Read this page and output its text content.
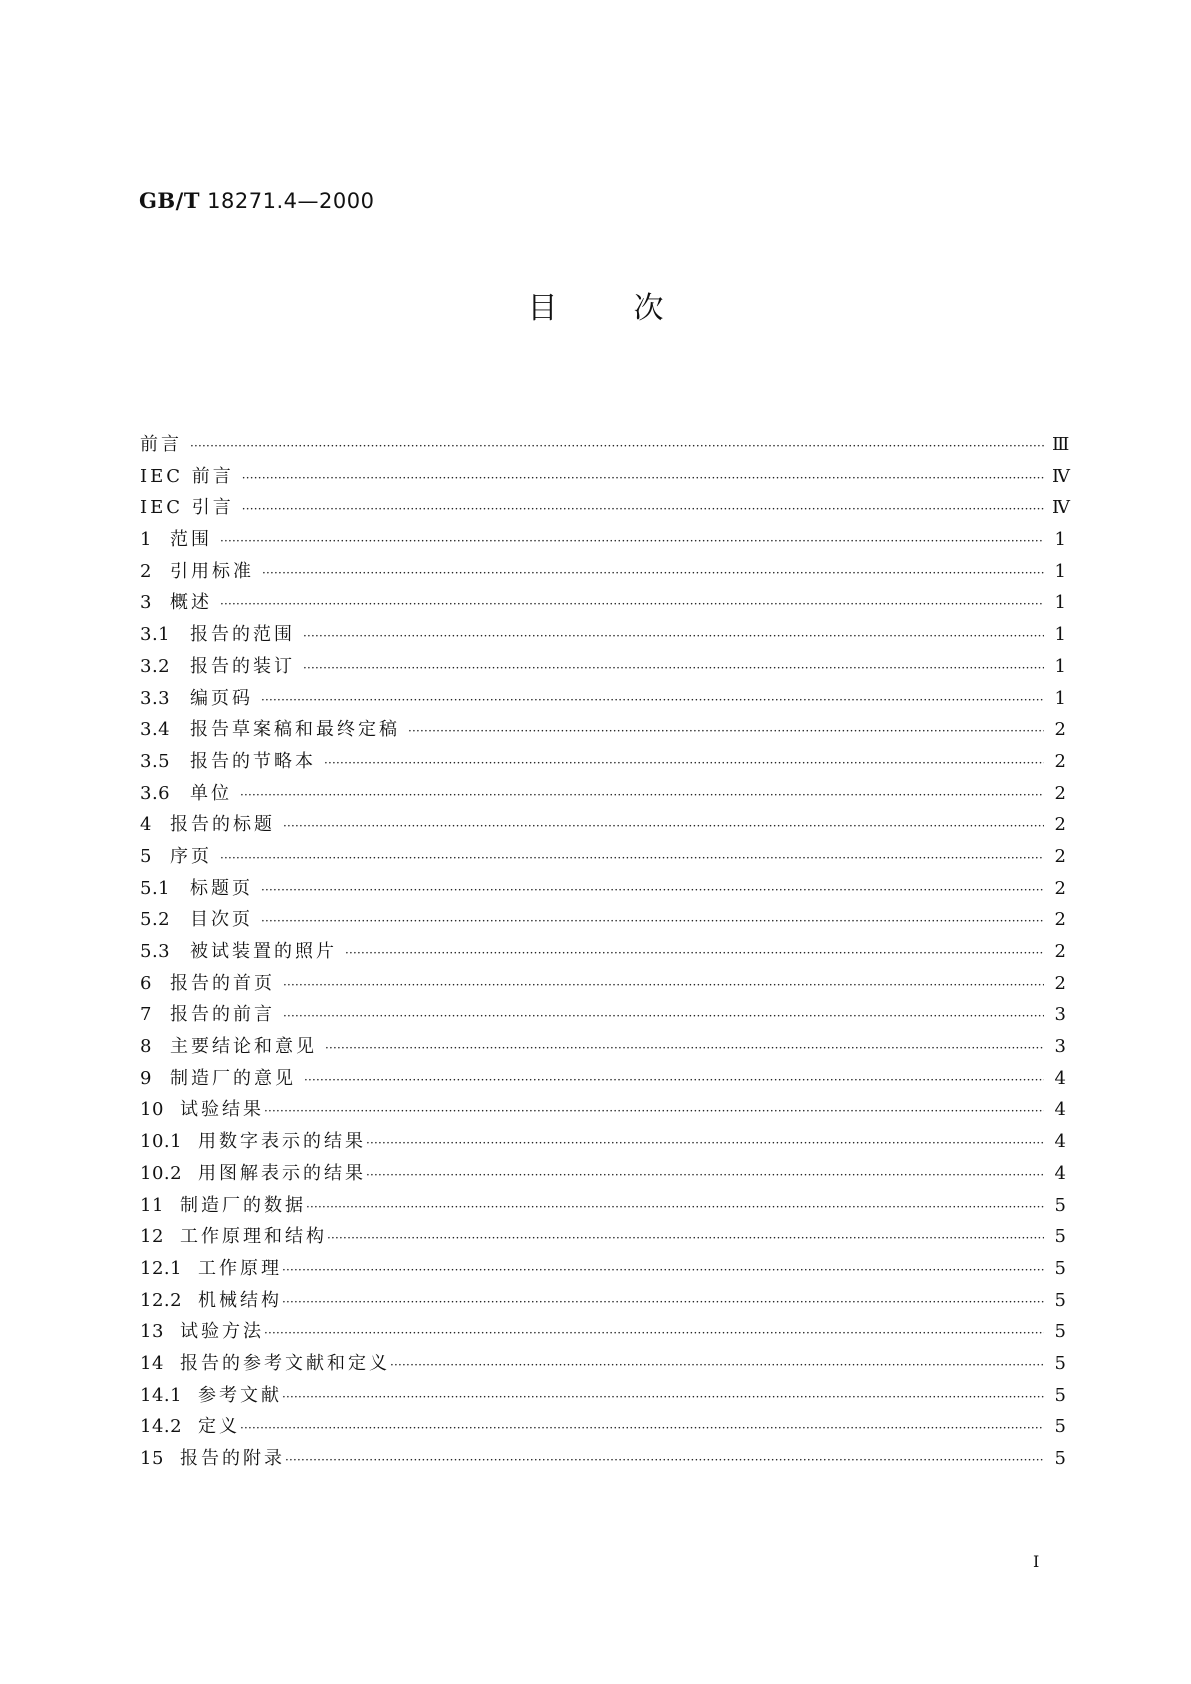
GB/T 18271.4—2000
目次
前言 ·····	Ⅲ
IEC 前言 ·····	Ⅳ
IEC 引言 ·····	Ⅳ
1	范围 ·····	1
2	引用标准 ·····	1
3	概述 ·····	1
3.1	报告的范围 ·····	1
3.2	报告的装订 ·····	1
3.3	编页码 ·····	1
3.4	报告草案稿和最终定稿 ·····	2
3.5	报告的节略本 ·····	2
3.6	单位 ·····	2
4	报告的标题 ·····	2
5	序页 ·····	2
5.1	标题页 ·····	2
5.2	目次页 ·····	2
5.3	被试装置的照片 ·····	2
6	报告的首页 ·····	2
7	报告的前言 ·····	3
8	主要结论和意见 ·····	3
9	制造厂的意见 ·····	4
10 试验结果 ·····	4
10.1 用数字表示的结果 ·····	4
10.2 用图解表示的结果 ·····	4
11 制造厂的数据 ·····	5
12 工作原理和结构 ·····	5
12.1 工作原理 ·····	5
12.2 机械结构 ·····	5
13 试验方法 ·····	5
14 报告的参考文献和定义 ·····	5
14.1 参考文献 ·····	5
14.2 定义 ·····	5
15 报告的附录 ·····	5
I
